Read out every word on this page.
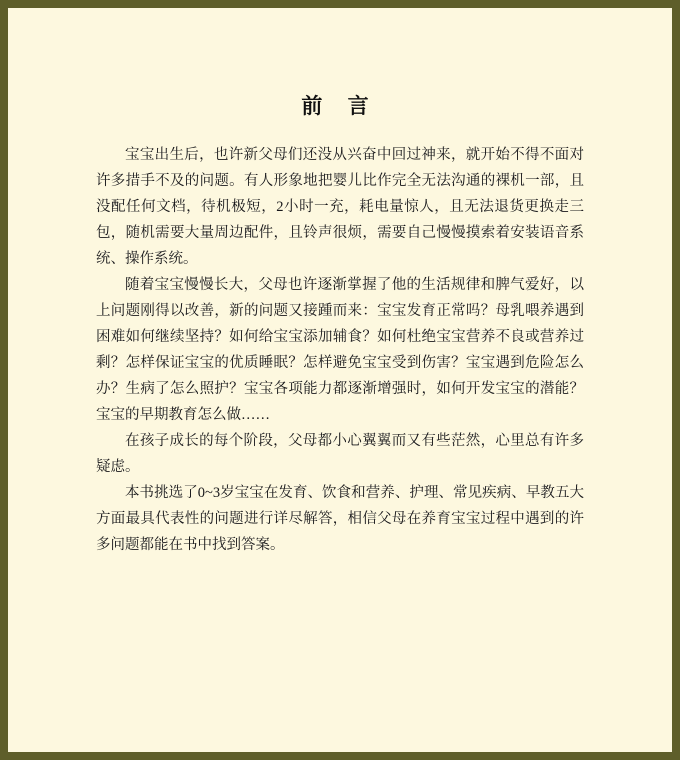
前 言

宝宝出生后，也许新父母们还没从兴奋中回过神来，就开始不得不面对许多措手不及的问题。有人形象地把婴儿比作完全无法沟通的裸机一部，且没配任何文档，待机极短，2小时一充，耗电量惊人，且无法退货更换走三包，随机需要大量周边配件，且铃声很烦，需要自己慢慢摸索着安装语音系统、操作系统。

随着宝宝慢慢长大，父母也许逐渐掌握了他的生活规律和脾气爱好，以上问题刚得以改善，新的问题又接踵而来：宝宝发育正常吗？母乳喂养遇到困难如何继续坚持？如何给宝宝添加辅食？如何杜绝宝宝营养不良或营养过剩？怎样保证宝宝的优质睡眠？怎样避免宝宝受到伤害？宝宝遇到危险怎么办？生病了怎么照护？宝宝各项能力都逐渐增强时，如何开发宝宝的潜能？宝宝的早期教育怎么做……

在孩子成长的每个阶段，父母都小心翼翼而又有些茫然，心里总有许多疑虑。

本书挑选了0~3岁宝宝在发育、饮食和营养、护理、常见疾病、早教五大方面最具代表性的问题进行详尽解答，相信父母在养育宝宝过程中遇到的许多问题都能在书中找到答案。
